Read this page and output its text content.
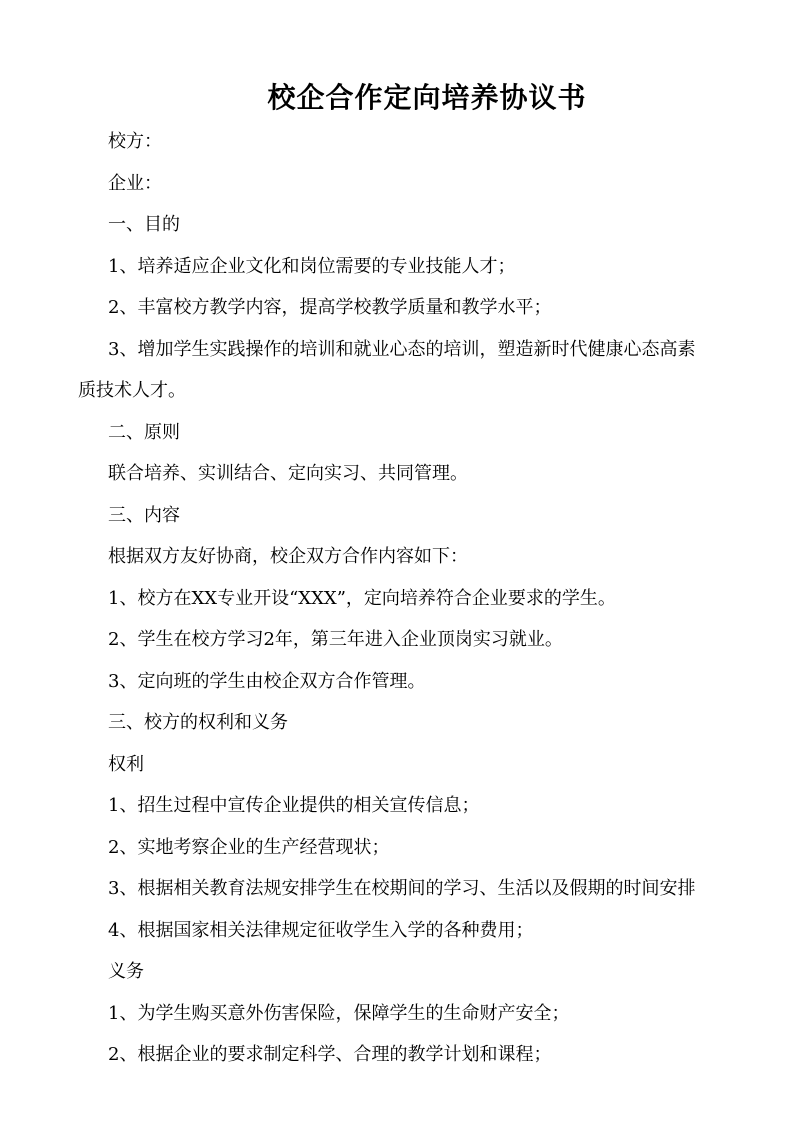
校企合作定向培养协议书
校方：
企业：
一、目的
1、培养适应企业文化和岗位需要的专业技能人才；
2、丰富校方教学内容，提高学校教学质量和教学水平；
3、增加学生实践操作的培训和就业心态的培训，塑造新时代健康心态高素
质技术人才。
二、原则
联合培养、实训结合、定向实习、共同管理。
三、内容
根据双方友好协商，校企双方合作内容如下：
1、校方在XX专业开设“XXX”，定向培养符合企业要求的学生。
2、学生在校方学习2年，第三年进入企业顶岗实习就业。
3、定向班的学生由校企双方合作管理。
三、校方的权利和义务
权利
1、招生过程中宣传企业提供的相关宣传信息；
2、实地考察企业的生产经营现状；
3、根据相关教育法规安排学生在校期间的学习、生活以及假期的时间安排
4、根据国家相关法律规定征收学生入学的各种费用；
义务
1、为学生购买意外伤害保险，保障学生的生命财产安全；
2、根据企业的要求制定科学、合理的教学计划和课程；
